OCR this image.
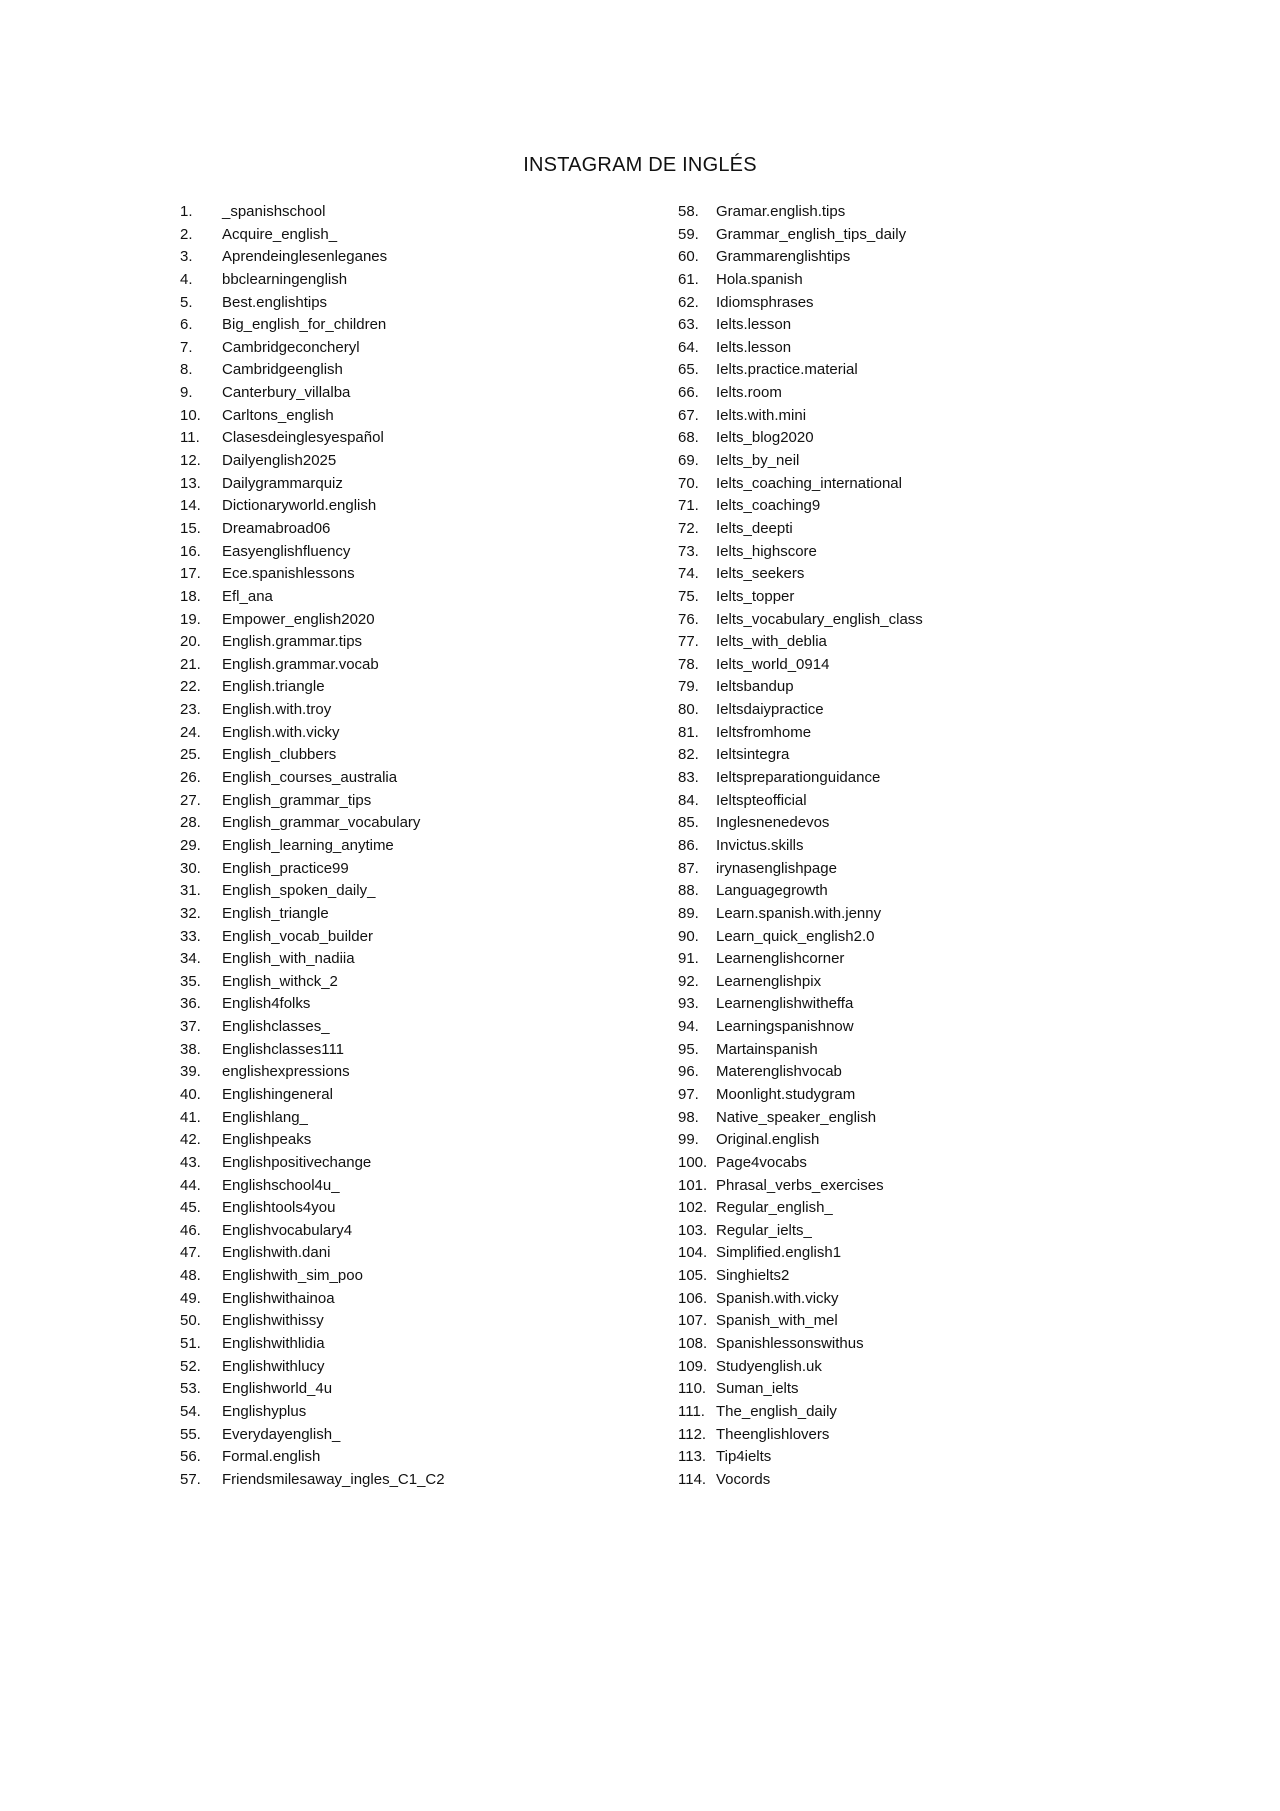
INSTAGRAM DE INGLÉS
1.	_spanishschool
2.	Acquire_english_
3.	Aprendeinglesenleganes
4.	bbclearningenglish
5.	Best.englishtips
6.	Big_english_for_children
7.	Cambridgeconcheryl
8.	Cambridgeenglish
9.	Canterbury_villalba
10.	Carltons_english
11.	Clasesdeinglesyespañol
12.	Dailyenglish2025
13.	Dailygrammarquiz
14.	Dictionaryworld.english
15.	Dreamabroad06
16.	Easyenglishfluency
17.	Ece.spanishlessons
18.	Efl_ana
19.	Empower_english2020
20.	English.grammar.tips
21.	English.grammar.vocab
22.	English.triangle
23.	English.with.troy
24.	English.with.vicky
25.	English_clubbers
26.	English_courses_australia
27.	English_grammar_tips
28.	English_grammar_vocabulary
29.	English_learning_anytime
30.	English_practice99
31.	English_spoken_daily_
32.	English_triangle
33.	English_vocab_builder
34.	English_with_nadiia
35.	English_withck_2
36.	English4folks
37.	Englishclasses_
38.	Englishclasses111
39.	englishexpressions
40.	Englishingeneral
41.	Englishlang_
42.	Englishpeaks
43.	Englishpositivechange
44.	Englishschool4u_
45.	Englishtools4you
46.	Englishvocabulary4
47.	Englishwith.dani
48.	Englishwith_sim_poo
49.	Englishwithainoa
50.	Englishwithissy
51.	Englishwithlidia
52.	Englishwithlucy
53.	Englishworld_4u
54.	Englishyplus
55.	Everydayenglish_
56.	Formal.english
57.	Friendsmilesaway_ingles_C1_C2
58.	Gramar.english.tips
59.	Grammar_english_tips_daily
60.	Grammarenglishtips
61.	Hola.spanish
62.	Idiomsphrases
63.	Ielts.lesson
64.	Ielts.lesson
65.	Ielts.practice.material
66.	Ielts.room
67.	Ielts.with.mini
68.	Ielts_blog2020
69.	Ielts_by_neil
70.	Ielts_coaching_international
71.	Ielts_coaching9
72.	Ielts_deepti
73.	Ielts_highscore
74.	Ielts_seekers
75.	Ielts_topper
76.	Ielts_vocabulary_english_class
77.	Ielts_with_deblia
78.	Ielts_world_0914
79.	Ieltsbandup
80.	Ieltsdaiypractice
81.	Ieltsfromhome
82.	Ieltsintegra
83.	Ieltspreparationguidance
84.	Ieltspteofficial
85.	Inglesnenedevos
86.	Invictus.skills
87.	irynasenglishpage
88.	Languagegrowth
89.	Learn.spanish.with.jenny
90.	Learn_quick_english2.0
91.	Learnenglishcorner
92.	Learnenglishpix
93.	Learnenglishwitheffa
94.	Learningspanishnow
95.	Martainspanish
96.	Materenglishvocab
97.	Moonlight.studygram
98.	Native_speaker_english
99.	Original.english
100. Page4vocabs
101. Phrasal_verbs_exercises
102. Regular_english_
103. Regular_ielts_
104. Simplified.english1
105. Singhielts2
106. Spanish.with.vicky
107. Spanish_with_mel
108. Spanishlessonswithus
109. Studyenglish.uk
110. Suman_ielts
111. The_english_daily
112. Theenglishlovers
113. Tip4ielts
114. Vocords
